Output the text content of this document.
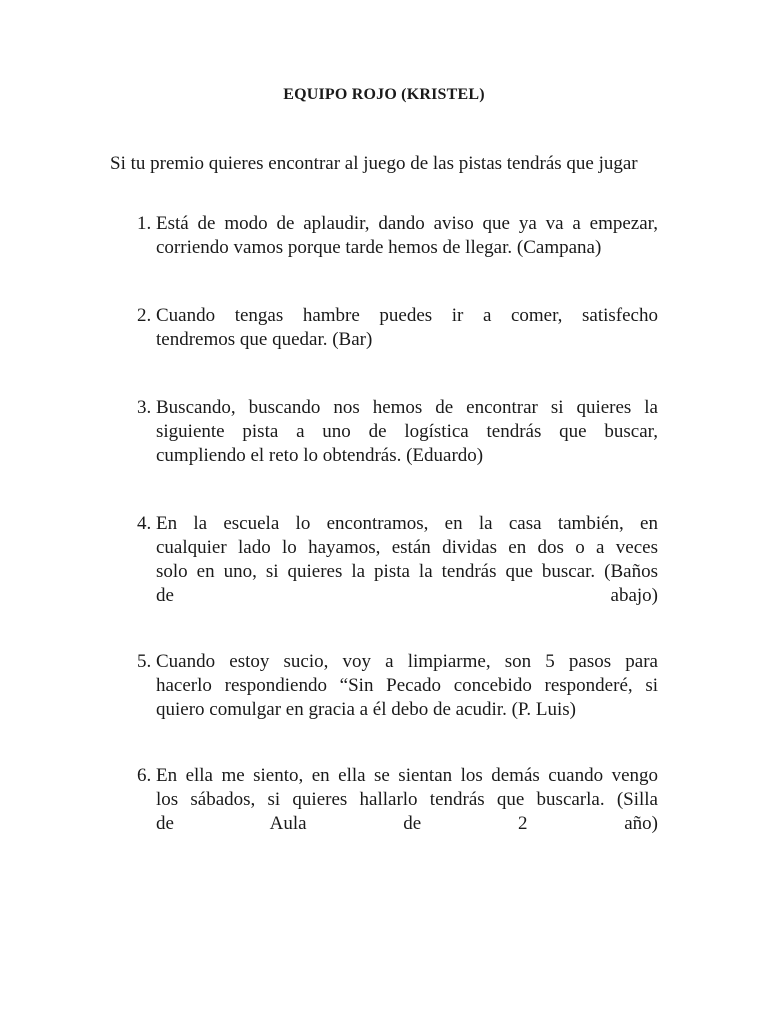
EQUIPO ROJO (KRISTEL)
Si tu premio quieres encontrar al juego de las pistas tendrás que jugar
1. Está de modo de aplaudir, dando aviso que ya va a empezar,
corriendo vamos porque tarde hemos de llegar. (Campana)
2. Cuando tengas hambre puedes ir a comer, satisfecho
tendremos que quedar. (Bar)
3. Buscando, buscando nos hemos de encontrar si quieres la
siguiente pista a uno de logística tendrás que buscar,
cumpliendo el reto lo obtendrás. (Eduardo)
4. En la escuela lo encontramos, en la casa también, en
cualquier lado lo hayamos, están dividas en dos o a veces
solo en uno, si quieres la pista la tendrás que buscar. (Baños
de abajo)
5. Cuando estoy sucio, voy a limpiarme, son 5 pasos para
hacerlo respondiendo “Sin Pecado concebido responderé, si
quiero comulgar en gracia a él debo de acudir. (P. Luis)
6. En ella me siento, en ella se sientan los demás cuando vengo
los sábados, si quieres hallarlo tendrás que buscarla. (Silla
de Aula de 2 año)
